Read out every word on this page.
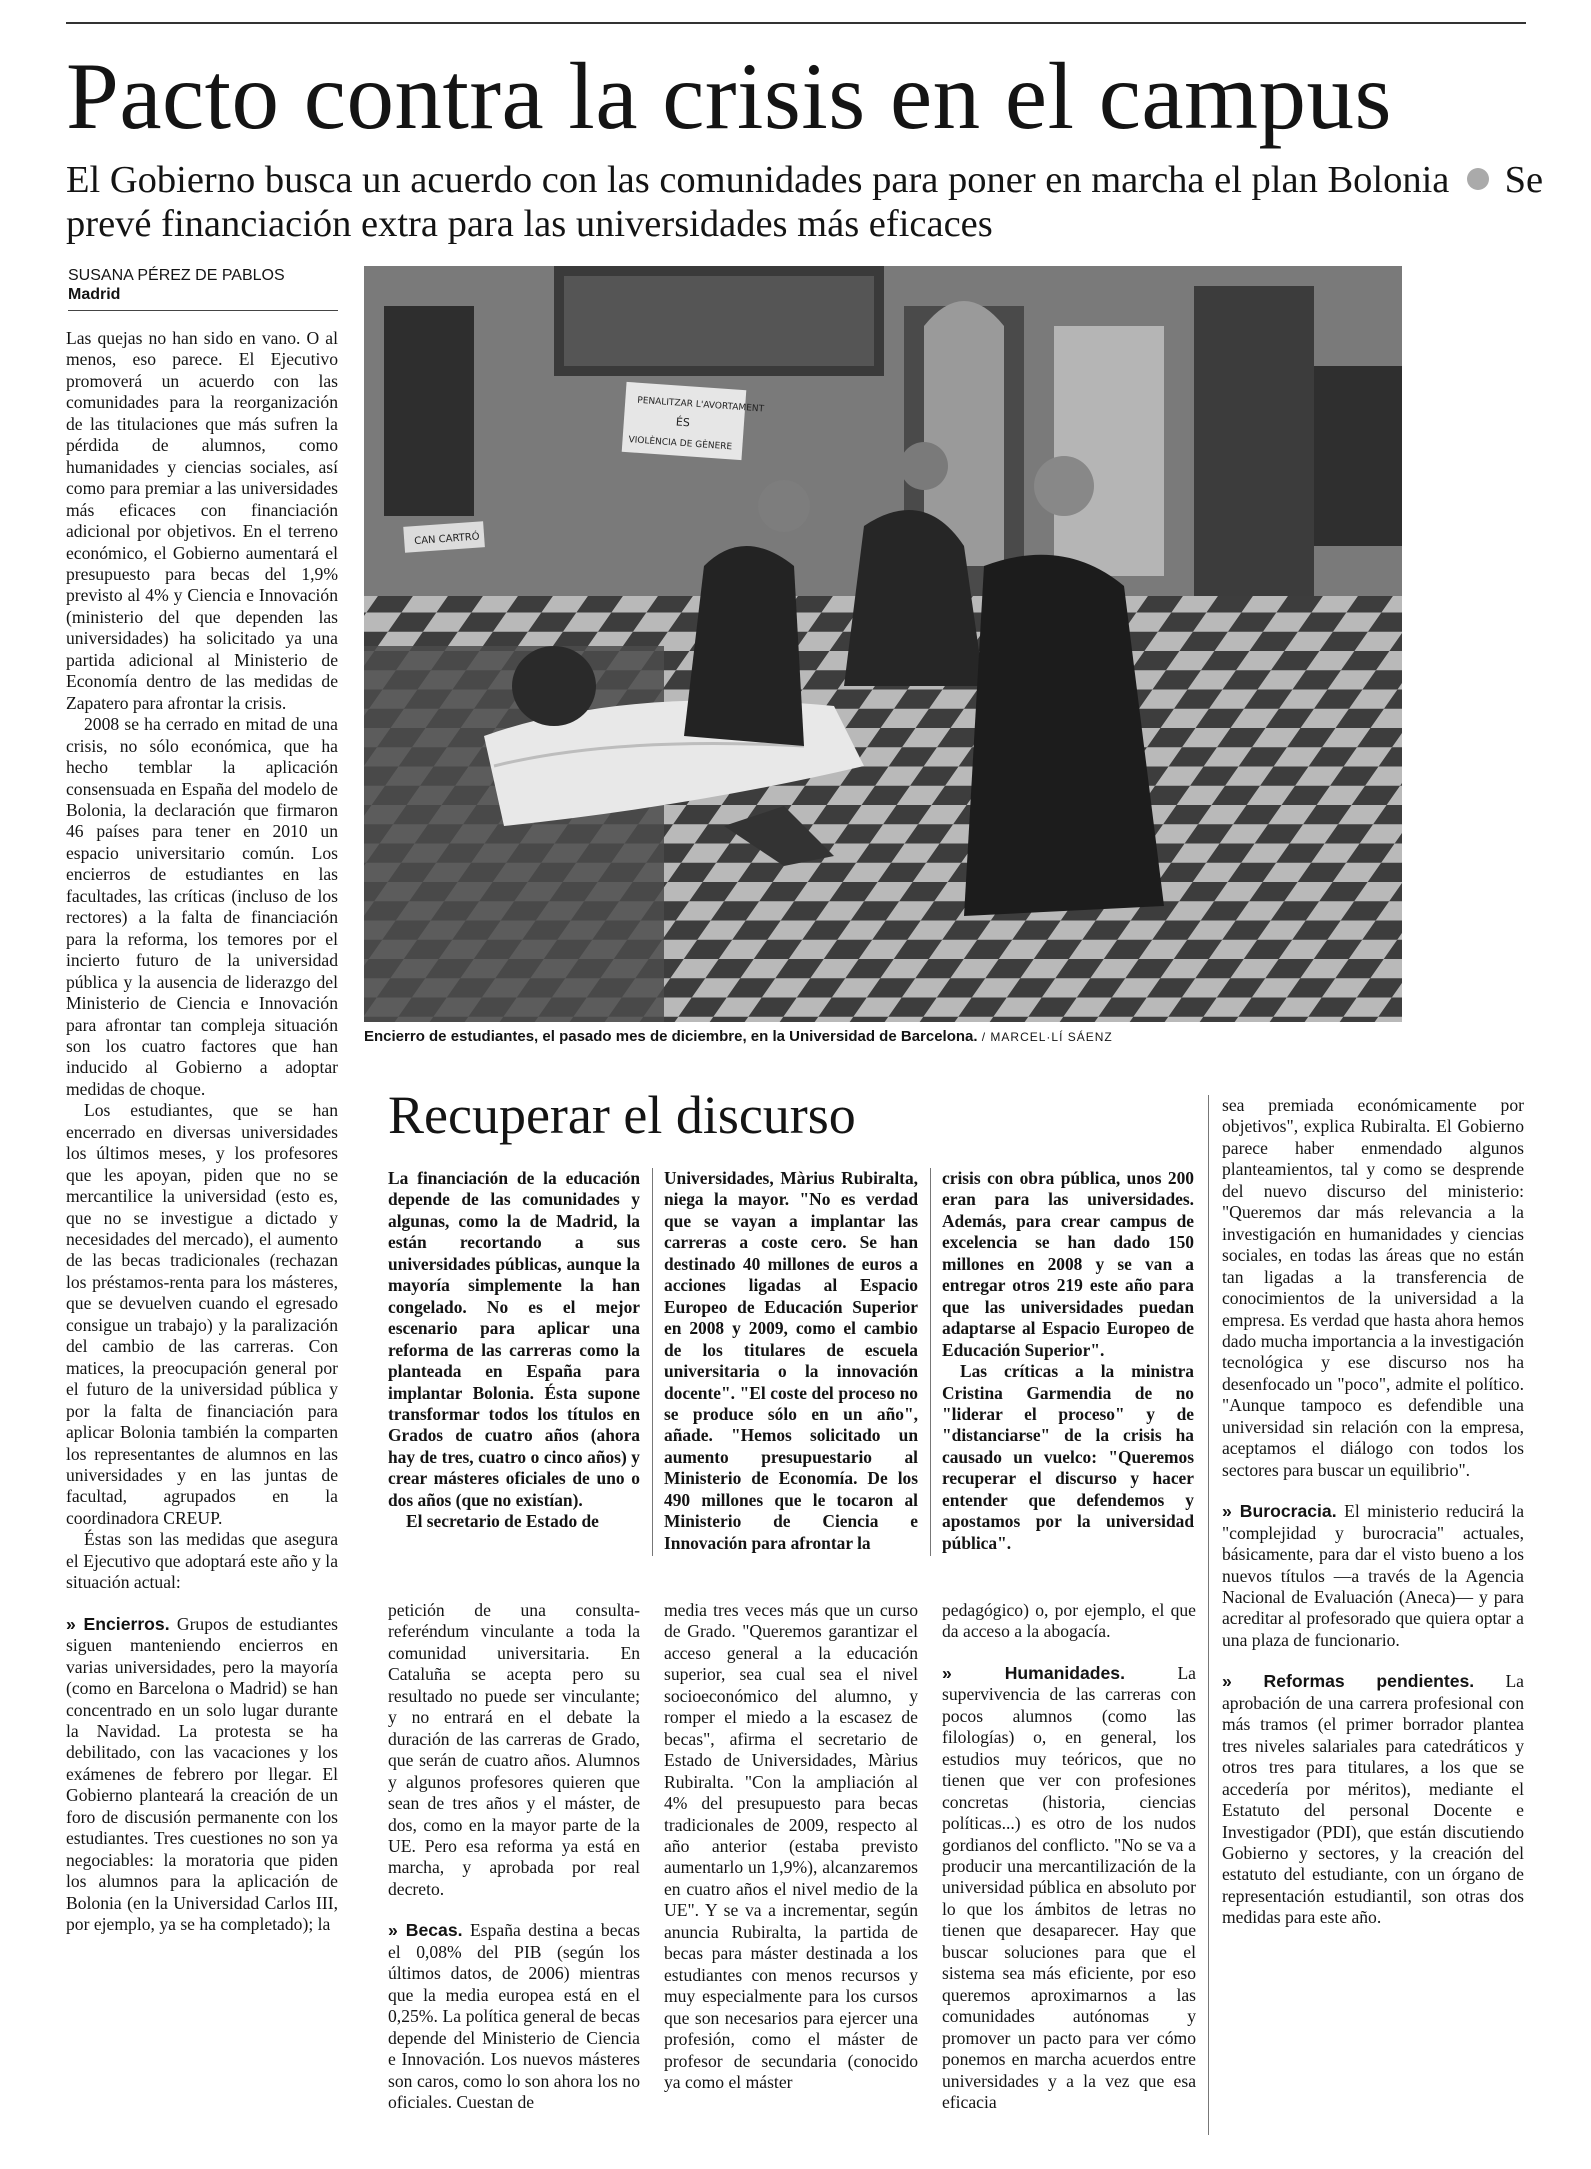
Pacto contra la crisis en el campus
El Gobierno busca un acuerdo con las comunidades para poner en marcha el plan Bolonia Se prevé financiación extra para las universidades más eficaces
SUSANA PÉREZ DE PABLOS
Madrid

Las quejas no han sido en vano. O al menos, eso parece. El Ejecutivo promoverá un acuerdo con las comunidades para la reorganización de las titulaciones que más sufren la pérdida de alumnos, como humanidades y ciencias sociales, así como para premiar a las universidades más eficaces con financiación adicional por objetivos. En el terreno económico, el Gobierno aumentará el presupuesto para becas del 1,9% previsto al 4% y Ciencia e Innovación (ministerio del que dependen las universidades) ha solicitado ya una partida adicional al Ministerio de Economía dentro de las medidas de Zapatero para afrontar la crisis.

2008 se ha cerrado en mitad de una crisis, no sólo económica, que ha hecho temblar la aplicación consensuada en España del modelo de Bolonia, la declaración que firmaron 46 países para tener en 2010 un espacio universitario común. Los encierros de estudiantes en las facultades, las críticas (incluso de los rectores) a la falta de financiación para la reforma, los temores por el incierto futuro de la universidad pública y la ausencia de liderazgo del Ministerio de Ciencia e Innovación para afrontar tan compleja situación son los cuatro factores que han inducido al Gobierno a adoptar medidas de choque.

Los estudiantes, que se han encerrado en diversas universidades los últimos meses, y los profesores que les apoyan, piden que no se mercantilice la universidad (esto es, que no se investigue a dictado y necesidades del mercado), el aumento de las becas tradicionales (rechazan los préstamos-renta para los másteres, que se devuelven cuando el egresado consigue un trabajo) y la paralización del cambio de las carreras. Con matices, la preocupación general por el futuro de la universidad pública y por la falta de financiación para aplicar Bolonia también la comparten los representantes de alumnos en las universidades y en las juntas de facultad, agrupados en la coordinadora CREUP.

Éstas son las medidas que asegura el Ejecutivo que adoptará este año y la situación actual:

» Encierros. Grupos de estudiantes siguen manteniendo encierros en varias universidades, pero la mayoría (como en Barcelona o Madrid) se han concentrado en un solo lugar durante la Navidad. La protesta se ha debilitado, con las vacaciones y los exámenes de febrero por llegar. El Gobierno planteará la creación de un foro de discusión permanente con los estudiantes. Tres cuestiones no son ya negociables: la moratoria que piden los alumnos para la aplicación de Bolonia (en la Universidad Carlos III, por ejemplo, ya se ha completado); la

PENALITZAR L'AVORTAMENT
ÉS
VIOLÈNCIA DE GÈNERE
CAN CARTRÓ
Encierro de estudiantes, el pasado mes de diciembre, en la Universidad de Barcelona. / MARCEL·LÍ SÁENZ
Recuperar el discurso

La financiación de la educación depende de las comunidades y algunas, como la de Madrid, la están recortando a sus universidades públicas, aunque la mayoría simplemente la han congelado. No es el mejor escenario para aplicar una reforma de las carreras como la planteada en España para implantar Bolonia. Ésta supone transformar todos los títulos en Grados de cuatro años (ahora hay de tres, cuatro o cinco años) y crear másteres oficiales de uno o dos años (que no existían).

El secretario de Estado de

Universidades, Màrius Rubiralta, niega la mayor. "No es verdad que se vayan a implantar las carreras a coste cero. Se han destinado 40 millones de euros a acciones ligadas al Espacio Europeo de Educación Superior en 2008 y 2009, como el cambio de los titulares de escuela universitaria o la innovación docente". "El coste del proceso no se produce sólo en un año", añade. "Hemos solicitado un aumento presupuestario al Ministerio de Economía. De los 490 millones que le tocaron al Ministerio de Ciencia e Innovación para afrontar la

crisis con obra pública, unos 200 eran para las universidades. Además, para crear campus de excelencia se han dado 150 millones en 2008 y se van a entregar otros 219 este año para que las universidades puedan adaptarse al Espacio Europeo de Educación Superior".

Las críticas a la ministra Cristina Garmendia de no "liderar el proceso" y de "distanciarse" de la crisis ha causado un vuelco: "Queremos recuperar el discurso y hacer entender que defendemos y apostamos por la universidad pública".

petición de una consulta-referéndum vinculante a toda la comunidad universitaria. En Cataluña se acepta pero su resultado no puede ser vinculante; y no entrará en el debate la duración de las carreras de Grado, que serán de cuatro años. Alumnos y algunos profesores quieren que sean de tres años y el máster, de dos, como en la mayor parte de la UE. Pero esa reforma ya está en marcha, y aprobada por real decreto.

» Becas. España destina a becas el 0,08% del PIB (según los últimos datos, de 2006) mientras que la media europea está en el 0,25%. La política general de becas depende del Ministerio de Ciencia e Innovación. Los nuevos másteres son caros, como lo son ahora los no oficiales. Cuestan de

media tres veces más que un curso de Grado. "Queremos garantizar el acceso general a la educación superior, sea cual sea el nivel socioeconómico del alumno, y romper el miedo a la escasez de becas", afirma el secretario de Estado de Universidades, Màrius Rubiralta. "Con la ampliación al 4% del presupuesto para becas tradicionales de 2009, respecto al año anterior (estaba previsto aumentarlo un 1,9%), alcanzaremos en cuatro años el nivel medio de la UE". Y se va a incrementar, según anuncia Rubiralta, la partida de becas para máster destinada a los estudiantes con menos recursos y muy especialmente para los cursos que son necesarios para ejercer una profesión, como el máster de profesor de secundaria (conocido ya como el máster

pedagógico) o, por ejemplo, el que da acceso a la abogacía.

» Humanidades.	La supervivencia de las carreras con pocos alumnos (como las filologías) o, en general, los estudios muy teóricos, que no tienen que ver con profesiones concretas (historia, ciencias políticas...) es otro de los nudos gordianos del conflicto. "No se va a producir una mercantilización de la universidad pública en absoluto por lo que los ámbitos de letras no tienen que desaparecer. Hay que buscar soluciones para que el sistema sea más eficiente, por eso queremos aproximarnos a las comunidades autónomas y promover un pacto para ver cómo ponemos en marcha acuerdos entre universidades y a la vez que esa eficacia

sea premiada económicamente por objetivos", explica Rubiralta. El Gobierno parece haber enmendado algunos planteamientos, tal y como se desprende del nuevo discurso del ministerio: "Queremos dar más relevancia a la investigación en humanidades y ciencias sociales, en todas las áreas que no están tan ligadas a la transferencia de conocimientos de la universidad a la empresa. Es verdad que hasta ahora hemos dado mucha importancia a la investigación tecnológica y ese discurso nos ha desenfocado un "poco", admite el político. "Aunque tampoco es defendible una universidad sin relación con la empresa, aceptamos el diálogo con todos los sectores para buscar un equilibrio".

» Burocracia. El ministerio reducirá la "complejidad y burocracia" actuales, básicamente, para dar el visto bueno a los nuevos títulos —a través de la Agencia Nacional de Evaluación (Aneca)— y para acreditar al profesorado que quiera optar a una plaza de funcionario.

» Reformas pendientes. La aprobación de una carrera profesional con más tramos (el primer borrador plantea tres niveles salariales para catedráticos y otros tres para titulares, a los que se accedería por méritos), mediante el Estatuto del personal Docente e Investigador (PDI), que están discutiendo Gobierno y sectores, y la creación del estatuto del estudiante, con un órgano de representación estudiantil, son otras dos medidas para este año.
